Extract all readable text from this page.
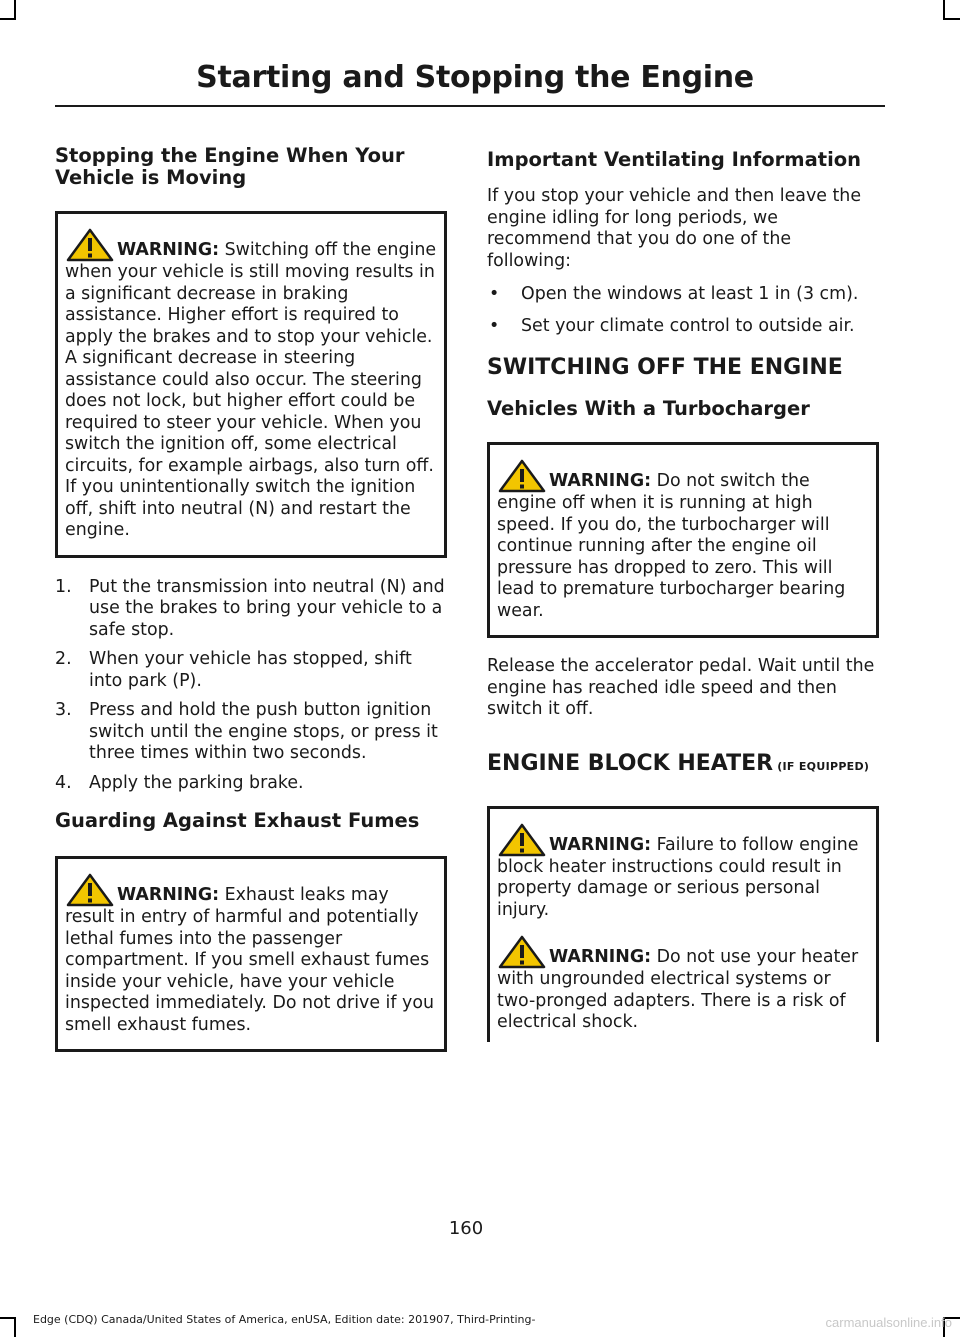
Starting and Stopping the Engine
Stopping the Engine When Your Vehicle is Moving

WARNING: Switching off the engine when your vehicle is still moving results in a significant decrease in braking assistance. Higher effort is required to apply the brakes and to stop your vehicle. A significant decrease in steering assistance could also occur. The steering does not lock, but higher effort could be required to steer your vehicle. When you switch the ignition off, some electrical circuits, for example airbags, also turn off. If you unintentionally switch the ignition off, shift into neutral (N) and restart the engine.

1. Put the transmission into neutral (N) and use the brakes to bring your vehicle to a safe stop.
2. When your vehicle has stopped, shift into park (P).
3. Press and hold the push button ignition switch until the engine stops, or press it three times within two seconds.
4. Apply the parking brake.
Guarding Against Exhaust Fumes

WARNING: Exhaust leaks may result in entry of harmful and potentially lethal fumes into the passenger compartment. If you smell exhaust fumes inside your vehicle, have your vehicle inspected immediately. Do not drive if you smell exhaust fumes.

Important Ventilating Information

If you stop your vehicle and then leave the engine idling for long periods, we recommend that you do one of the following:

• Open the windows at least 1 in (3 cm).
• Set your climate control to outside air.
SWITCHING OFF THE ENGINE
Vehicles With a Turbocharger

WARNING: Do not switch the engine off when it is running at high speed. If you do, the turbocharger will continue running after the engine oil pressure has dropped to zero. This will lead to premature turbocharger bearing wear.

Release the accelerator pedal. Wait until the engine has reached idle speed and then switch it off.

ENGINE BLOCK HEATER (IF EQUIPPED)

WARNING: Failure to follow engine block heater instructions could result in property damage or serious personal injury.

WARNING: Do not use your heater with ungrounded electrical systems or two-pronged adapters. There is a risk of electrical shock.

160
Edge (CDQ) Canada/United States of America, enUSA, Edition date: 201907, Third-Printing-	carmanualsonline.info
